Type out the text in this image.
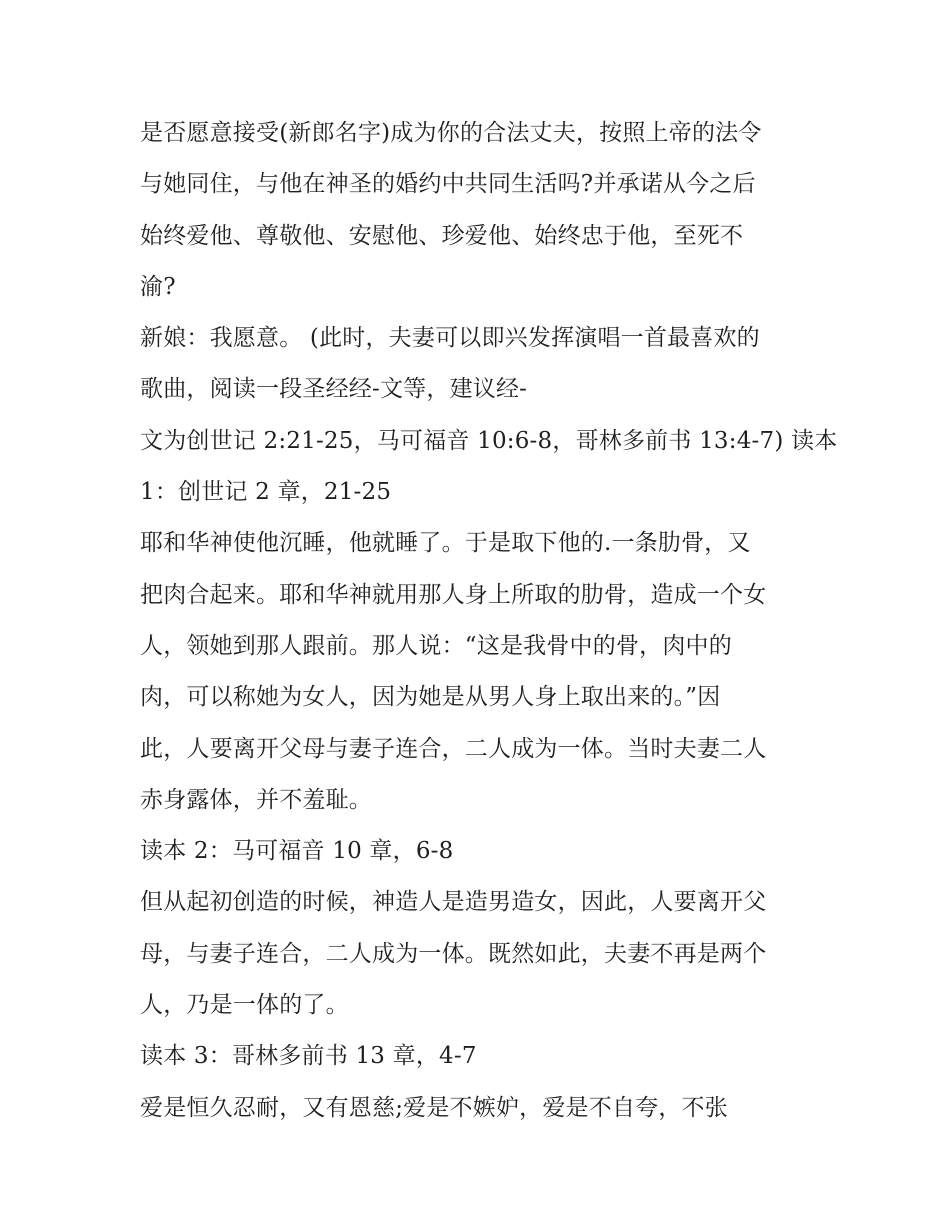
是否愿意接受(新郎名字)成为你的合法丈夫，按照上帝的法令
与她同住，与他在神圣的婚约中共同生活吗?并承诺从今之后
始终爱他、尊敬他、安慰他、珍爱他、始终忠于他，至死不
渝?
新娘：我愿意。 (此时，夫妻可以即兴发挥演唱一首最喜欢的
歌曲，阅读一段圣经经-文等，建议经-
文为创世记 2:21-25，马可福音 10:6-8，哥林多前书 13:4-7) 读本
1：创世记 2 章，21-25
耶和华神使他沉睡，他就睡了。于是取下他的.一条肋骨，又
把肉合起来。耶和华神就用那人身上所取的肋骨，造成一个女
人，领她到那人跟前。那人说：“这是我骨中的骨，肉中的
肉，可以称她为女人，因为她是从男人身上取出来的。”因
此，人要离开父母与妻子连合，二人成为一体。当时夫妻二人
赤身露体，并不羞耻。
读本 2：马可福音 10 章，6-8
但从起初创造的时候，神造人是造男造女，因此，人要离开父
母，与妻子连合，二人成为一体。既然如此，夫妻不再是两个
人，乃是一体的了。
读本 3：哥林多前书 13 章，4-7
爱是恒久忍耐，又有恩慈;爱是不嫉妒，爱是不自夸，不张
